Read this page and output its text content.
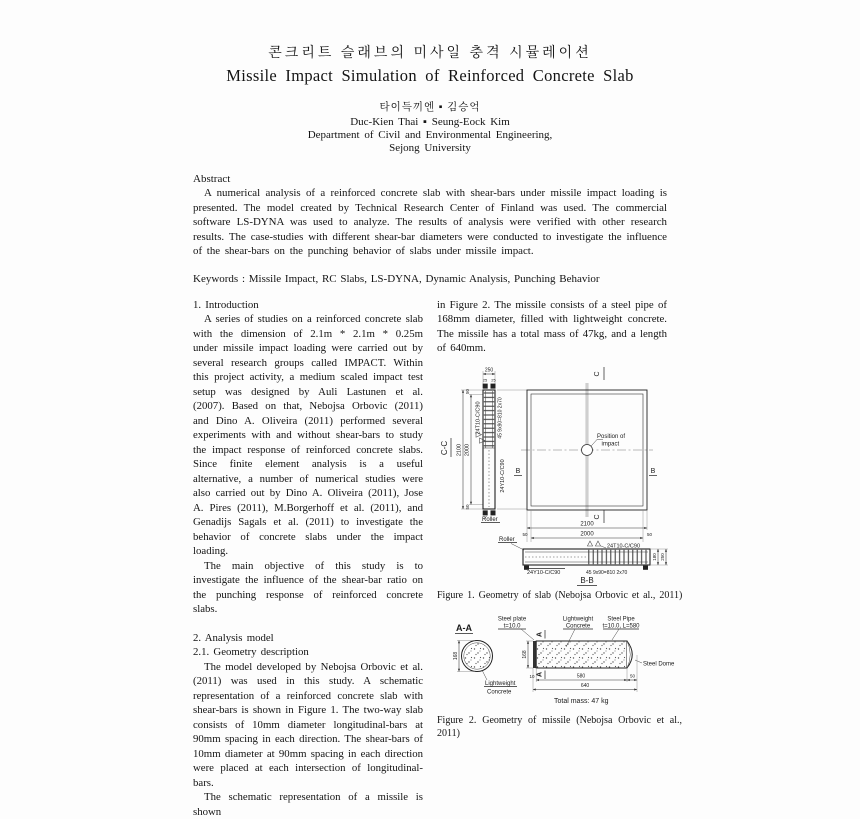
콘크리트 슬래브의 미사일 충격 시뮬레이션

Missile Impact Simulation of Reinforced Concrete Slab

타이득끼엔 ▪ 김승억

Duc-Kien Thai ▪ Seung-Eock Kim

Department of Civil and Environmental Engineering,

Sejong University

Abstract

A numerical analysis of a reinforced concrete slab with shear-bars under missile impact loading is presented. The model created by Technical Research Center of Finland was used. The commercial software LS-DYNA was used to analyze. The results of analysis were verified with other research results. The case-studies with different shear-bar diameters were conducted to investigate the influence of the shear-bars on the punching behavior of slabs under missile impact.

Keywords : Missile Impact, RC Slabs, LS-DYNA, Dynamic Analysis, Punching Behavior

1. Introduction

A series of studies on a reinforced concrete slab with the dimension of 2.1m * 2.1m * 0.25m under missile impact loading were carried out by several research groups called IMPACT. Within this project activity, a medium scaled impact test setup was designed by Auli Lastunen et al. (2007). Based on that, Nebojsa Orbovic (2011) and Dino A. Oliveira (2011) performed several experiments with and without shear-bars to study the impact response of reinforced concrete slabs. Since finite element analysis is a useful alternative, a number of numerical studies were also carried out by Dino A. Oliveira (2011), Jose A. Pires (2011), M.Borgerhoff et al. (2011), and Genadijs Sagals et al. (2011) to investigate the behavior of concrete slabs under the impact loading.

The main objective of this study is to investigate the influence of the shear-bar ratio on the punching response of reinforced concrete slabs.

2. Analysis model

2.1. Geometry description

The model developed by Nebojsa Orbovic et al. (2011) was used in this study. A schematic representation of a reinforced concrete slab with shear-bars is shown in Figure 1. The two-way slab consists of 10mm diameter longitudinal-bars at 90mm spacing in each direction. The shear-bars of 10mm diameter at 90mm spacing in each direction were placed at each intersection of longitudinal-bars.

The schematic representation of a missile is shown

in Figure 2. The missile consists of a steel pipe of 168mm diameter, filled with lightweight concrete. The missile has a total mass of 47kg, and a length of 640mm.

C-C
250
25 25
2100 2000
50
50
24T10-C/C90	45 9x90=810 2x70
24Y10-C/C90
Roller
Position of
impact
C
C
B	B
2100
2000
50	50
Roller
24T10-C/C90
24Y10-C/C90	45 9x90=810 2x70
180 250
B-B

Figure 1. Geometry of slab (Nebojsa Orbovic et al., 2011)

A-A
168
Lightweight
Concrete
Steel plate
t=10.0
Lightweight
Concrete
Steel Pipe
t=10.0, L=580
Steel Dome
A
A
168
10	580	50
640
Total mass: 47 kg

Figure 2. Geometry of missile (Nebojsa Orbovic et al., 2011)
